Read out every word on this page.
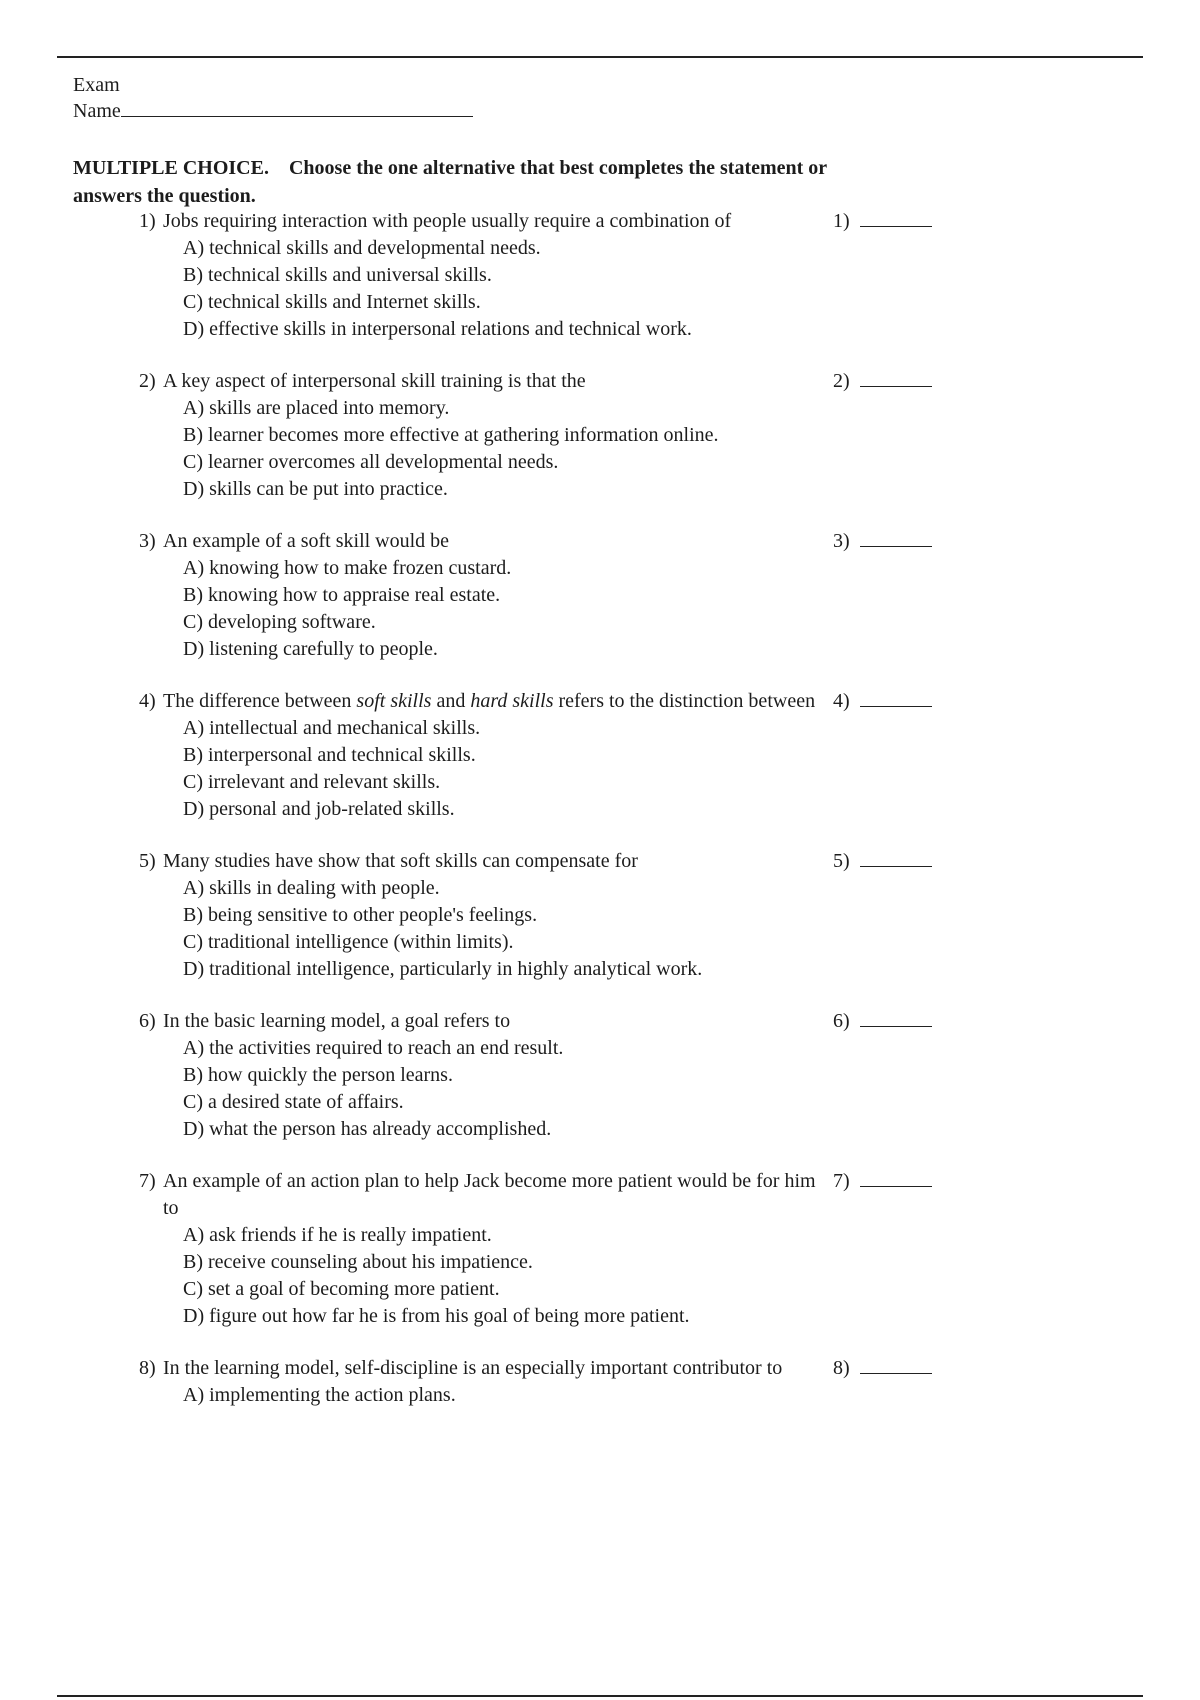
Exam
Name
MULTIPLE CHOICE. Choose the one alternative that best completes the statement or answers the question.
1) Jobs requiring interaction with people usually require a combination of	1)
A) technical skills and developmental needs.
B) technical skills and universal skills.
C) technical skills and Internet skills.
D) effective skills in interpersonal relations and technical work.
2) A key aspect of interpersonal skill training is that the	2)
A) skills are placed into memory.
B) learner becomes more effective at gathering information online.
C) learner overcomes all developmental needs.
D) skills can be put into practice.
3) An example of a soft skill would be	3)
A) knowing how to make frozen custard.
B) knowing how to appraise real estate.
C) developing software.
D) listening carefully to people.
4) The difference between soft skills and hard skills refers to the distinction between 4)
A) intellectual and mechanical skills.
B) interpersonal and technical skills.
C) irrelevant and relevant skills.
D) personal and job-related skills.
5) Many studies have show that soft skills can compensate for	5)
A) skills in dealing with people.
B) being sensitive to other people's feelings.
C) traditional intelligence (within limits).
D) traditional intelligence, particularly in highly analytical work.
6) In the basic learning model, a goal refers to	6)
A) the activities required to reach an end result.
B) how quickly the person learns.
C) a desired state of affairs.
D) what the person has already accomplished.
7) An example of an action plan to help Jack become more patient would be for him to
7)
A) ask friends if he is really impatient.
B) receive counseling about his impatience.
C) set a goal of becoming more patient.
D) figure out how far he is from his goal of being more patient.
8) In the learning model, self-discipline is an especially important contributor to	8)
A) implementing the action plans.
